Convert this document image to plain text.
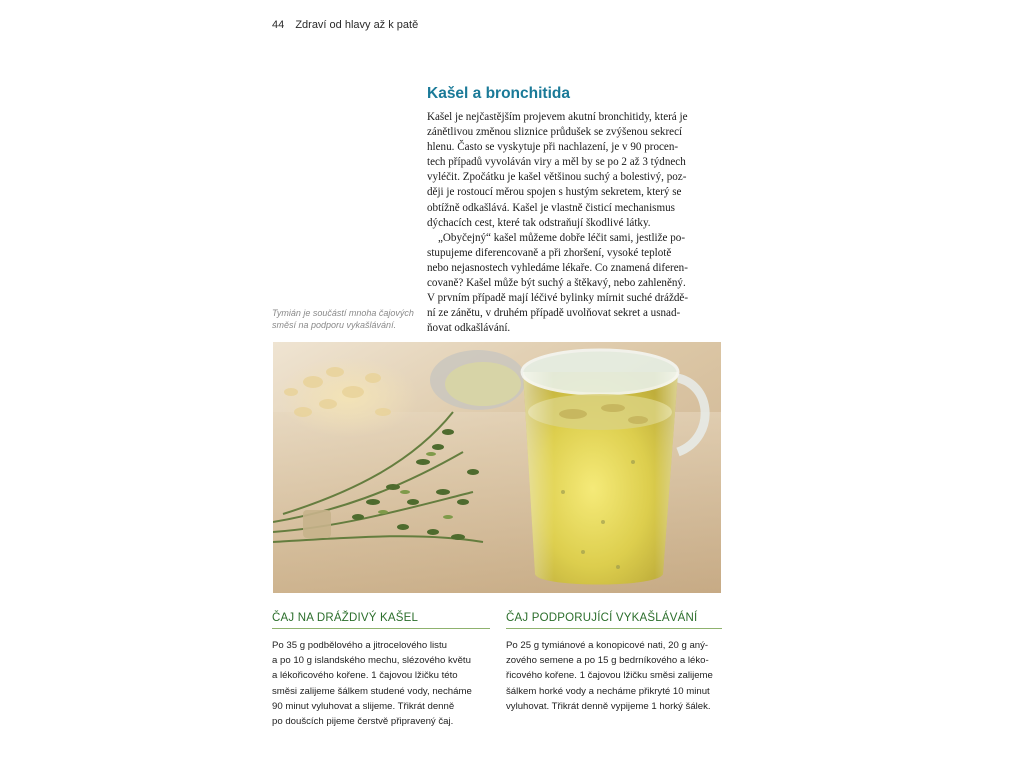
44 Zdraví od hlavy až k patě
Kašel a bronchitida
Kašel je nejčastějším projevem akutní bronchitidy, která je
zánětlivou změnou sliznice průdušek se zvýšenou sekrecí
hlenu. Často se vyskytuje při nachlazení, je v 90 procen-
tech případů vyvoláván viry a měl by se po 2 až 3 týdnech
vyléčit. Zpočátku je kašel většinou suchý a bolestivý, poz-
ději je rostoucí měrou spojen s hustým sekretem, který se
obtížně odkašlává. Kašel je vlastně čisticí mechanismus
dýchacích cest, které tak odstraňují škodlivé látky.
„Obyčejný“ kašel můžeme dobře léčit sami, jestliže po-
stupujeme diferencovaně a při zhoršení, vysoké teplotě
nebo nejasnostech vyhledáme lékaře. Co znamená diferen-
covaně? Kašel může být suchý a štěkavý, nebo zahleněný.
V prvním případě mají léčivé bylinky mírnit suché dráždě-
ní ze zánětu, v druhém případě uvolňovat sekret a usnad-
ňovat odkašlávání.
Tymián je součástí mnoha čajových
směsí na podporu vykašlávání.
ČAJ NA DRÁŽDIVÝ KAŠEL
Po 35 g podbělového a jitrocelového listu
a po 10 g islandského mechu, slézového květu
a lékořicového kořene. 1 čajovou lžičku této
směsi zalijeme šálkem studené vody, necháme
90 minut vyluhovat a slijeme. Třikrát denně
po doušcích pijeme čerstvě připravený čaj.
ČAJ PODPORUJÍCÍ VYKAŠLÁVÁNÍ
Po 25 g tymiánové a konopicové nati, 20 g aný-
zového semene a po 15 g bedrníkového a léko-
řicového kořene. 1 čajovou lžičku směsi zalijeme
šálkem horké vody a necháme přikryté 10 minut
vyluhovat. Třikrát denně vypijeme 1 horký šálek.
